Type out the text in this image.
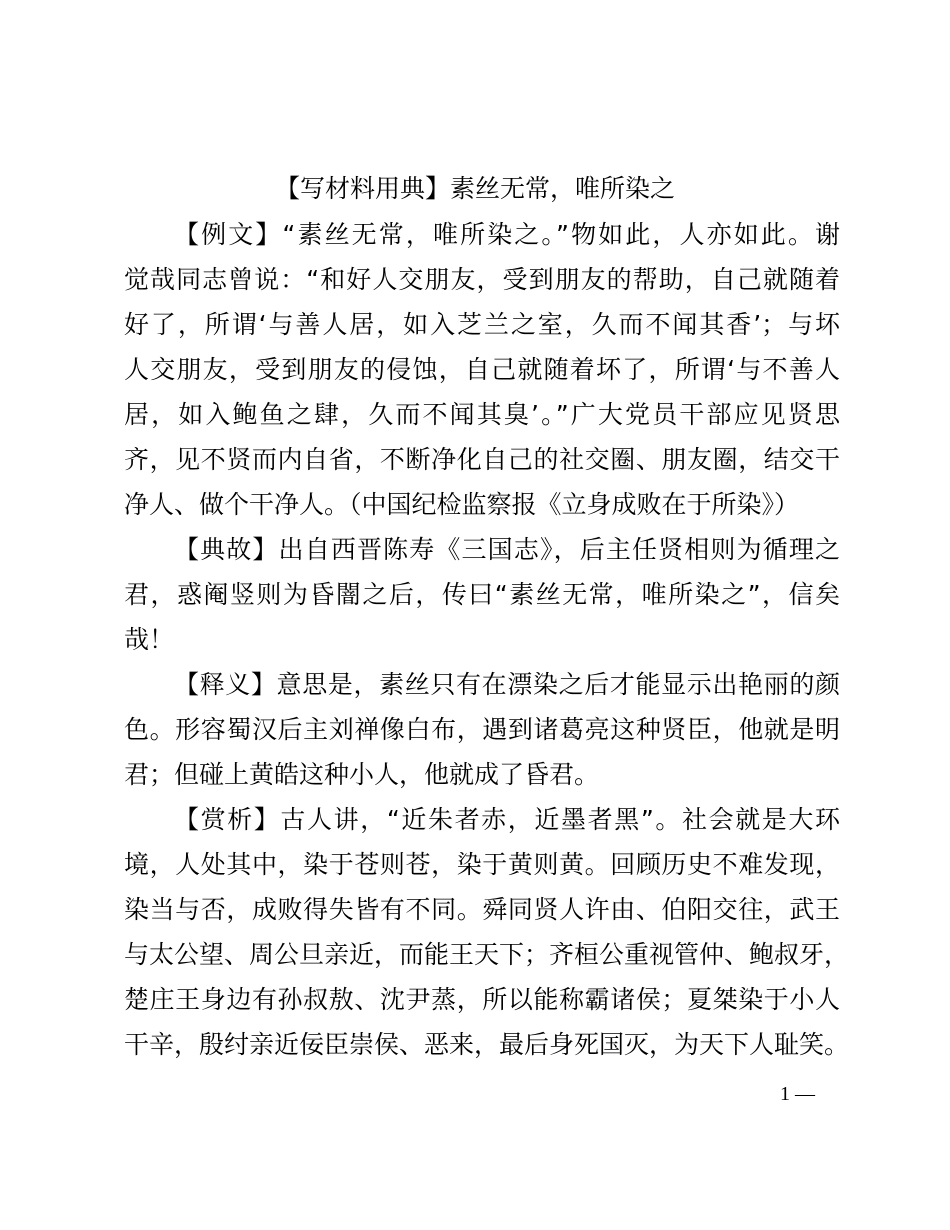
【写材料用典】素丝无常，唯所染之
【例文】“素丝无常，唯所染之。”物如此，人亦如此。谢
觉哉同志曾说：“和好人交朋友，受到朋友的帮助，自己就随着
好了，所谓‘与善人居，如入芝兰之室，久而不闻其香’；与坏
人交朋友，受到朋友的侵蚀，自己就随着坏了，所谓‘与不善人
居，如入鲍鱼之肆，久而不闻其臭’。”广大党员干部应见贤思
齐，见不贤而内自省，不断净化自己的社交圈、朋友圈，结交干
净人、做个干净人。（中国纪检监察报《立身成败在于所染》）
【典故】出自西晋陈寿《三国志》，后主任贤相则为循理之
君，惑阉竖则为昏闇之后，传曰“素丝无常，唯所染之”，信矣
哉！
【释义】意思是，素丝只有在漂染之后才能显示出艳丽的颜
色。形容蜀汉后主刘禅像白布，遇到诸葛亮这种贤臣，他就是明
君；但碰上黄皓这种小人，他就成了昏君。
【赏析】古人讲，“近朱者赤，近墨者黑”。社会就是大环
境，人处其中，染于苍则苍，染于黄则黄。回顾历史不难发现，
染当与否，成败得失皆有不同。舜同贤人许由、伯阳交往，武王
与太公望、周公旦亲近，而能王天下；齐桓公重视管仲、鲍叔牙，
楚庄王身边有孙叔敖、沈尹蒸，所以能称霸诸侯；夏桀染于小人
干辛，殷纣亲近佞臣崇侯、恶来，最后身死国灭，为天下人耻笑。
1 —
